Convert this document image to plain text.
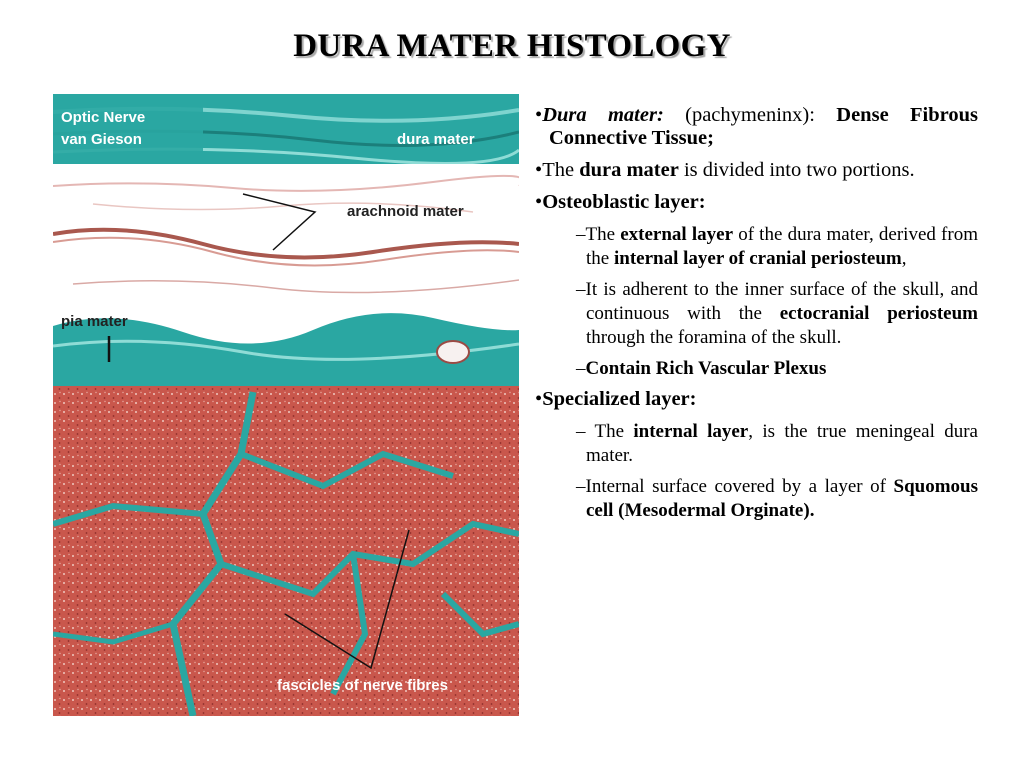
DURA MATER HISTOLOGY
Optic Nerve
van Gieson	dura mater
arachnoid mater
pia mater
fascicles of nerve fibres

•Dura mater: (pachymeninx): Dense Fibrous Connective Tissue;

•The dura mater is divided into two portions.

•Osteoblastic layer:

–The external layer of the dura mater, derived from the internal layer of cranial periosteum,

–It is adherent to the inner surface of the skull, and continuous with the ectocranial periosteum through the foramina of the skull.

–Contain Rich Vascular Plexus

•Specialized layer:

– The internal layer, is the true meningeal dura mater.

–Internal surface covered by a layer of Squomous cell (Mesodermal Orginate).
